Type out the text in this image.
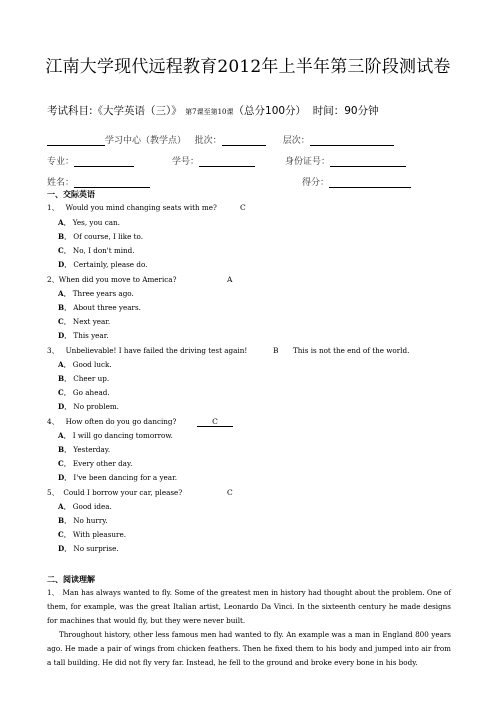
江南大学现代远程教育2012年上半年第三阶段测试卷
考试科目:《大学英语（三）》 第7课至第10课（总分100分） 时间：90分钟
学习中心（教学点） 批次：	层次：
专业：	学号：	身份证号：
姓名：	得分：
一、交际英语
1、 Would you mind changing seats with me?	C
A． Yes, you can.
B． Of course, I like to.
C． No, I don't mind.
D． Certainly, please do.
2、When did you move to America?	A
A． Three years ago.
B． About three years.
C． Next year.
D． This year.
3、 Unbelievable! I have failed the driving test again!	B This is not the end of the world.
A． Good luck.
B． Cheer up.
C． Go ahead.
D． No problem.
4、 How often do you go dancing?	C
A． I will go dancing tomorrow.
B． Yesterday.
C． Every other day.
D． I've been dancing for a year.
5、 Could I borrow your car, please?	C
A． Good idea.
B． No hurry.
C． With pleasure.
D． No surprise.
二、阅读理解
1、　Man has always wanted to fly. Some of the greatest men in history had thought about the problem. One of them, for example, was the great Italian artist, Leonardo Da Vinci. In the sixteenth century he made designs for machines that would fly, but they were never built.
Throughout history, other less famous men had wanted to fly. An example was a man in England 800 years ago. He made a pair of wings from chicken feathers. Then he fixed them to his body and jumped into air from a tall building. He did not fly very far. Instead, he fell to the ground and broke every bone in his body.
